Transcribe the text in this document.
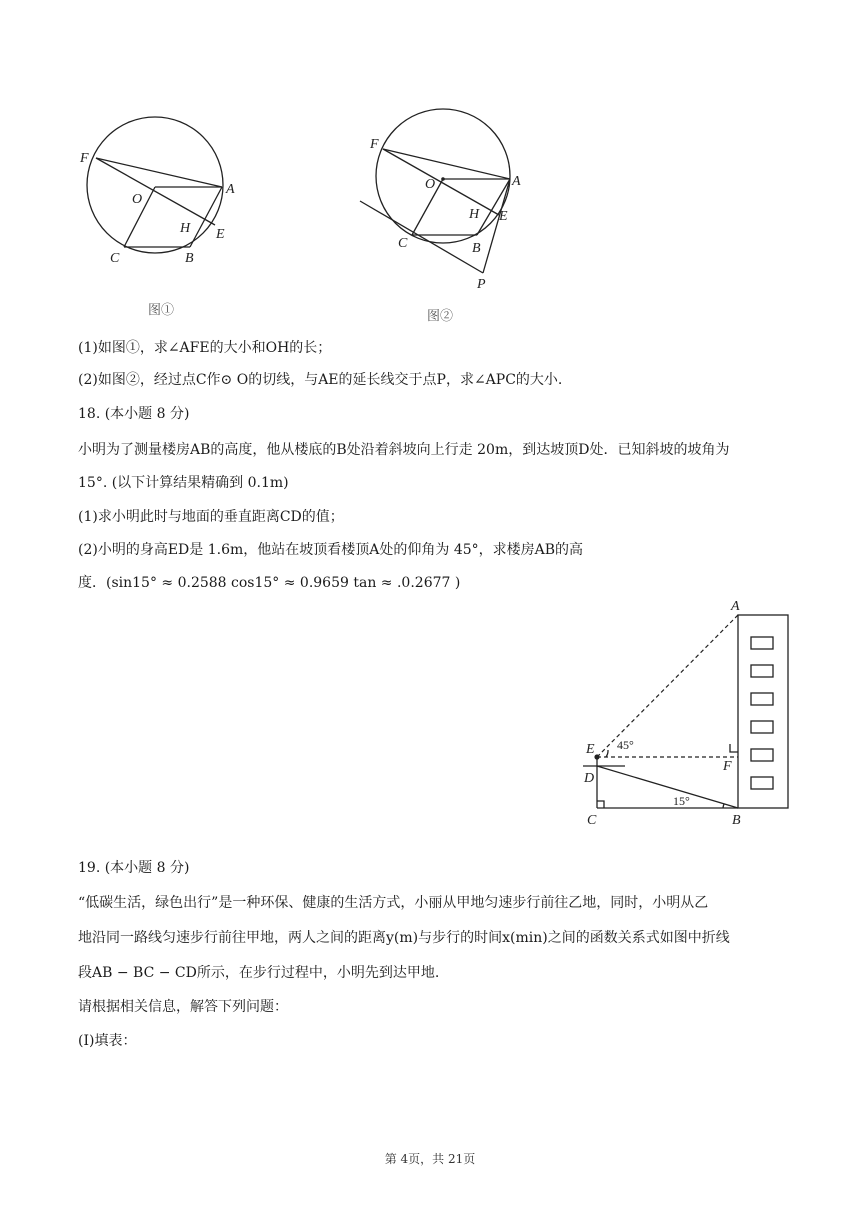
F
O
A
H E
C	B
图①
F
O	A
H E
C	B
P
图②
(1)如图①，求∠AFE的大小和OH的长；
(2)如图②，经过点C作⊙ O的切线，与AE的延长线交于点P，求∠APC的大小.
18. (本小题 8 分)
小明为了测量楼房AB的高度，他从楼底的B处沿着斜坡向上行走 20m，到达坡顶D处．已知斜坡的坡角为
15°. (以下计算结果精确到 0.1m)
(1)求小明此时与地面的垂直距离CD的值；
(2)小明的身高ED是 1.6m，他站在坡顶看楼顶A处的仰角为 45°，求楼房AB的高
度．(sin15° ≈ 0.2588 cos15° ≈ 0.9659 tan ≈ .0.2677 )
A
E
D
F
C	B
45°
15°
19. (本小题 8 分)
“低碳生活，绿色出行”是一种环保、健康的生活方式，小丽从甲地匀速步行前往乙地，同时，小明从乙
地沿同一路线匀速步行前往甲地，两人之间的距离y(m)与步行的时间x(min)之间的函数关系式如图中折线
段AB − BC − CD所示，在步行过程中，小明先到达甲地.
请根据相关信息，解答下列问题：
(I)填表：
第 4页，共 21页
